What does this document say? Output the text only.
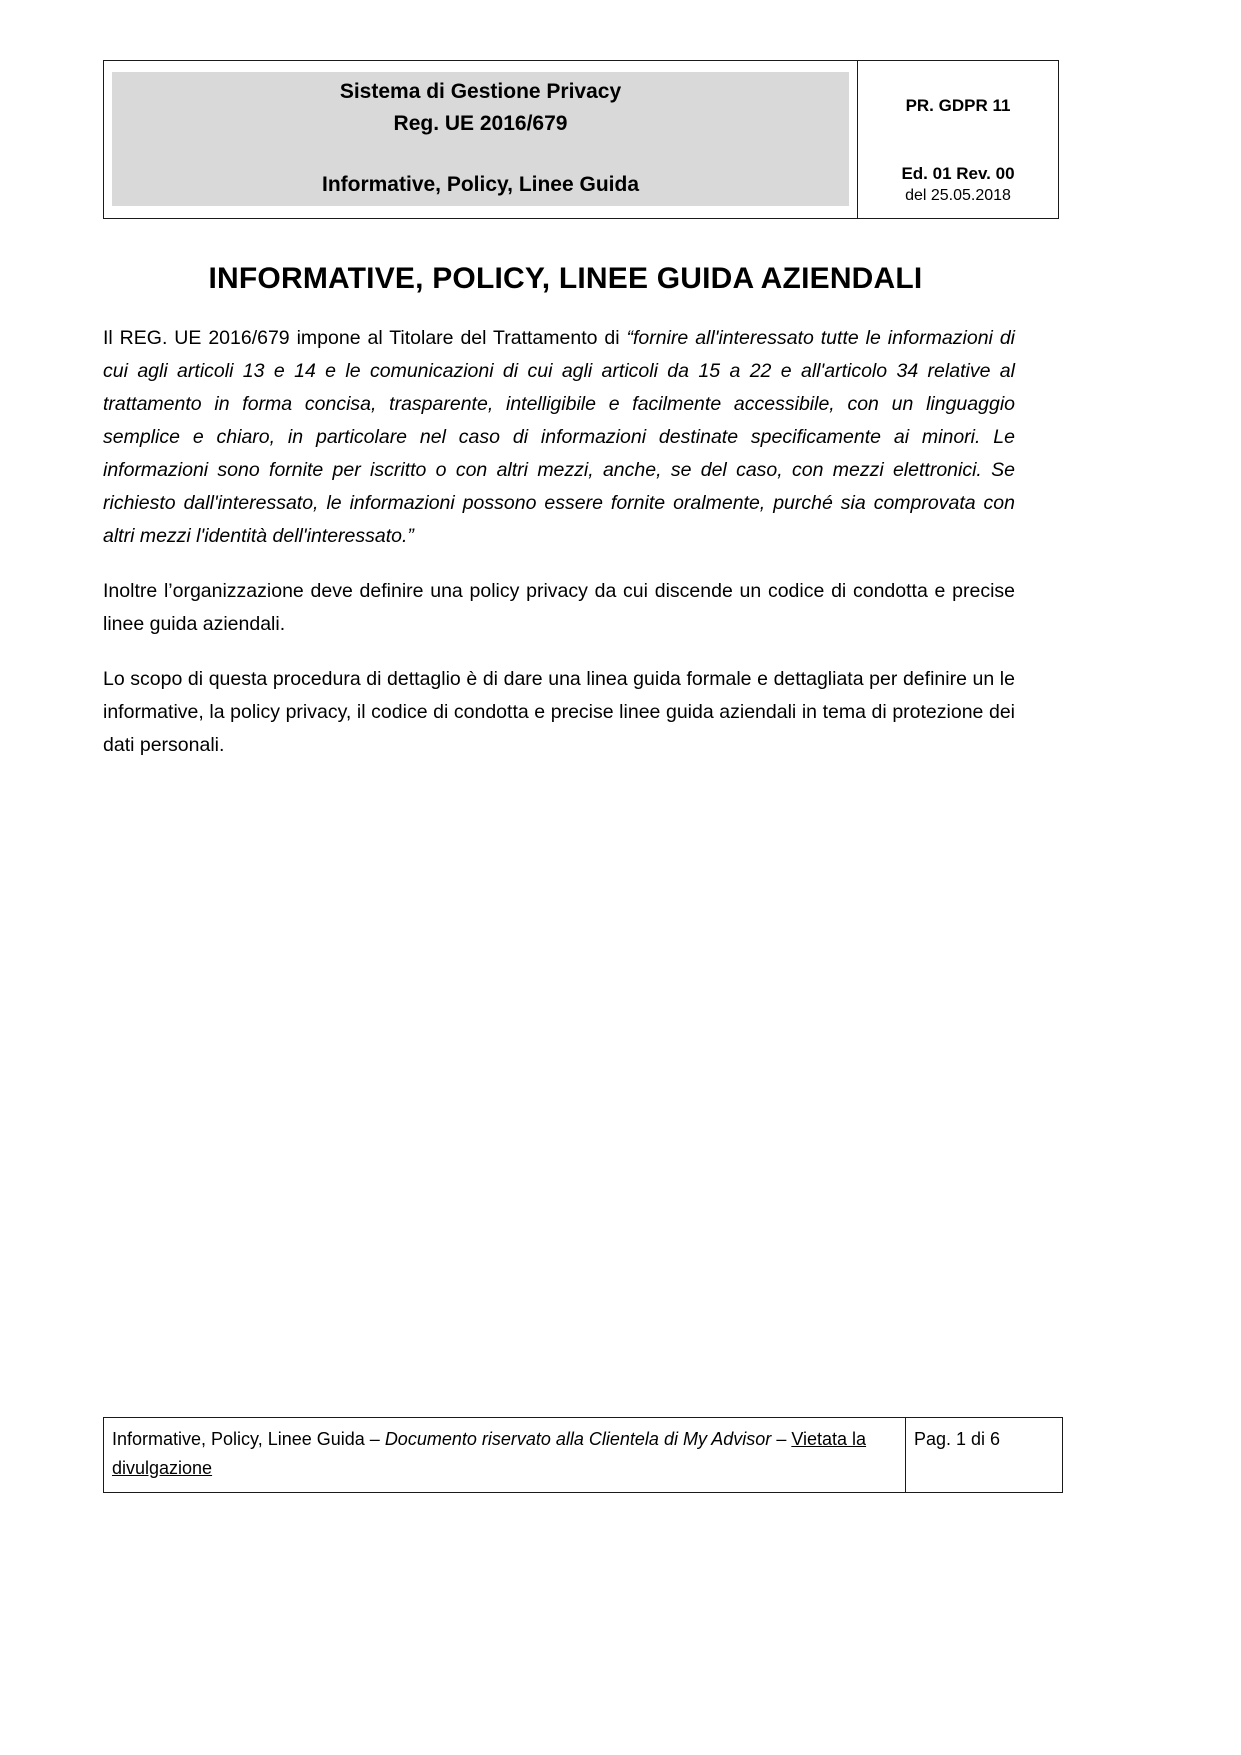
Sistema di Gestione Privacy
Reg. UE 2016/679
Informative, Policy, Linee Guida

PR. GDPR 11
Ed. 01 Rev. 00
del 25.05.2018
INFORMATIVE, POLICY, LINEE GUIDA AZIENDALI

Il REG. UE 2016/679 impone al Titolare del Trattamento di “fornire all'interessato tutte le informazioni di cui agli articoli 13 e 14 e le comunicazioni di cui agli articoli da 15 a 22 e all'articolo 34 relative al trattamento in forma concisa, trasparente, intelligibile e facilmente accessibile, con un linguaggio semplice e chiaro, in particolare nel caso di informazioni destinate specificamente ai minori. Le informazioni sono fornite per iscritto o con altri mezzi, anche, se del caso, con mezzi elettronici. Se richiesto dall'interessato, le informazioni possono essere fornite oralmente, purché sia comprovata con altri mezzi l'identità dell'interessato.”

Inoltre l’organizzazione deve definire una policy privacy da cui discende un codice di condotta e precise linee guida aziendali.

Lo scopo di questa procedura di dettaglio è di dare una linea guida formale e dettagliata per definire un le informative, la policy privacy, il codice di condotta e precise linee guida aziendali in tema di protezione dei dati personali.

Informative, Policy, Linee Guida – Documento riservato alla Clientela di My Advisor – Vietata la divulgazione	Pag. 1 di 6
